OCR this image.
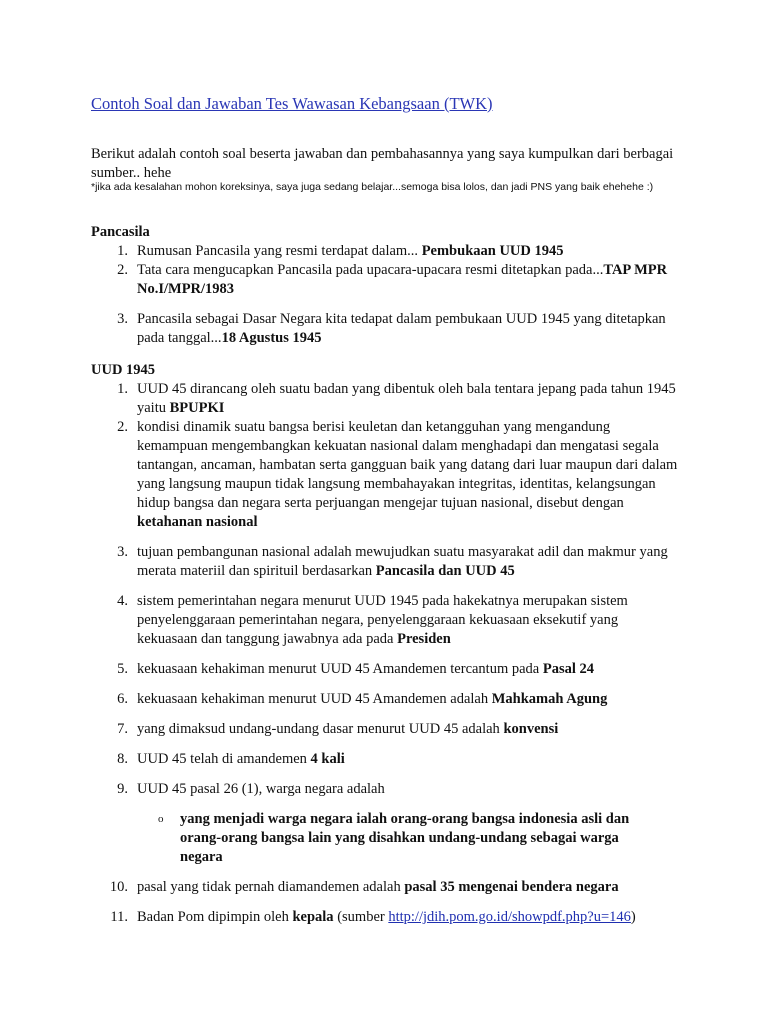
Contoh Soal dan Jawaban Tes Wawasan Kebangsaan (TWK)

Berikut adalah contoh soal beserta jawaban dan pembahasannya yang saya kumpulkan dari berbagai sumber.. hehe

*jika ada kesalahan mohon koreksinya, saya juga sedang belajar...semoga bisa lolos, dan jadi PNS yang baik ehehehe :)

Pancasila

1. Rumusan Pancasila yang resmi terdapat dalam... Pembukaan UUD 1945
2. Tata cara mengucapkan Pancasila pada upacara-upacara resmi ditetapkan pada...TAP MPR No.I/MPR/1983
3. Pancasila sebagai Dasar Negara kita tedapat dalam pembukaan UUD 1945 yang ditetapkan pada tanggal...18 Agustus 1945

UUD 1945

1. UUD 45 dirancang oleh suatu badan yang dibentuk oleh bala tentara jepang pada tahun 1945 yaitu BPUPKI
2. kondisi dinamik suatu bangsa berisi keuletan dan ketangguhan yang mengandung kemampuan mengembangkan kekuatan nasional dalam menghadapi dan mengatasi segala tantangan, ancaman, hambatan serta gangguan baik yang datang dari luar maupun dari dalam yang langsung maupun tidak langsung membahayakan integritas, identitas, kelangsungan hidup bangsa dan negara serta perjuangan mengejar tujuan nasional, disebut dengan ketahanan nasional
3. tujuan pembangunan nasional adalah mewujudkan suatu masyarakat adil dan makmur yang merata materiil dan spirituil berdasarkan Pancasila dan UUD 45
4. sistem pemerintahan negara menurut UUD 1945 pada hakekatnya merupakan sistem penyelenggaraan pemerintahan negara, penyelenggaraan kekuasaan eksekutif yang kekuasaan dan tanggung jawabnya ada pada Presiden
5. kekuasaan kehakiman menurut UUD 45 Amandemen tercantum pada Pasal 24
6. kekuasaan kehakiman menurut UUD 45 Amandemen adalah Mahkamah Agung
7. yang dimaksud undang-undang dasar menurut UUD 45 adalah konvensi
8. UUD 45 telah di amandemen 4 kali
9. UUD 45 pasal 26 (1), warga negara adalah
o yang menjadi warga negara ialah orang-orang bangsa indonesia asli dan orang-orang bangsa lain yang disahkan undang-undang sebagai warga negara
10. pasal yang tidak pernah diamandemen adalah pasal 35 mengenai bendera negara
11. Badan Pom dipimpin oleh kepala (sumber http://jdih.pom.go.id/showpdf.php?u=146)
